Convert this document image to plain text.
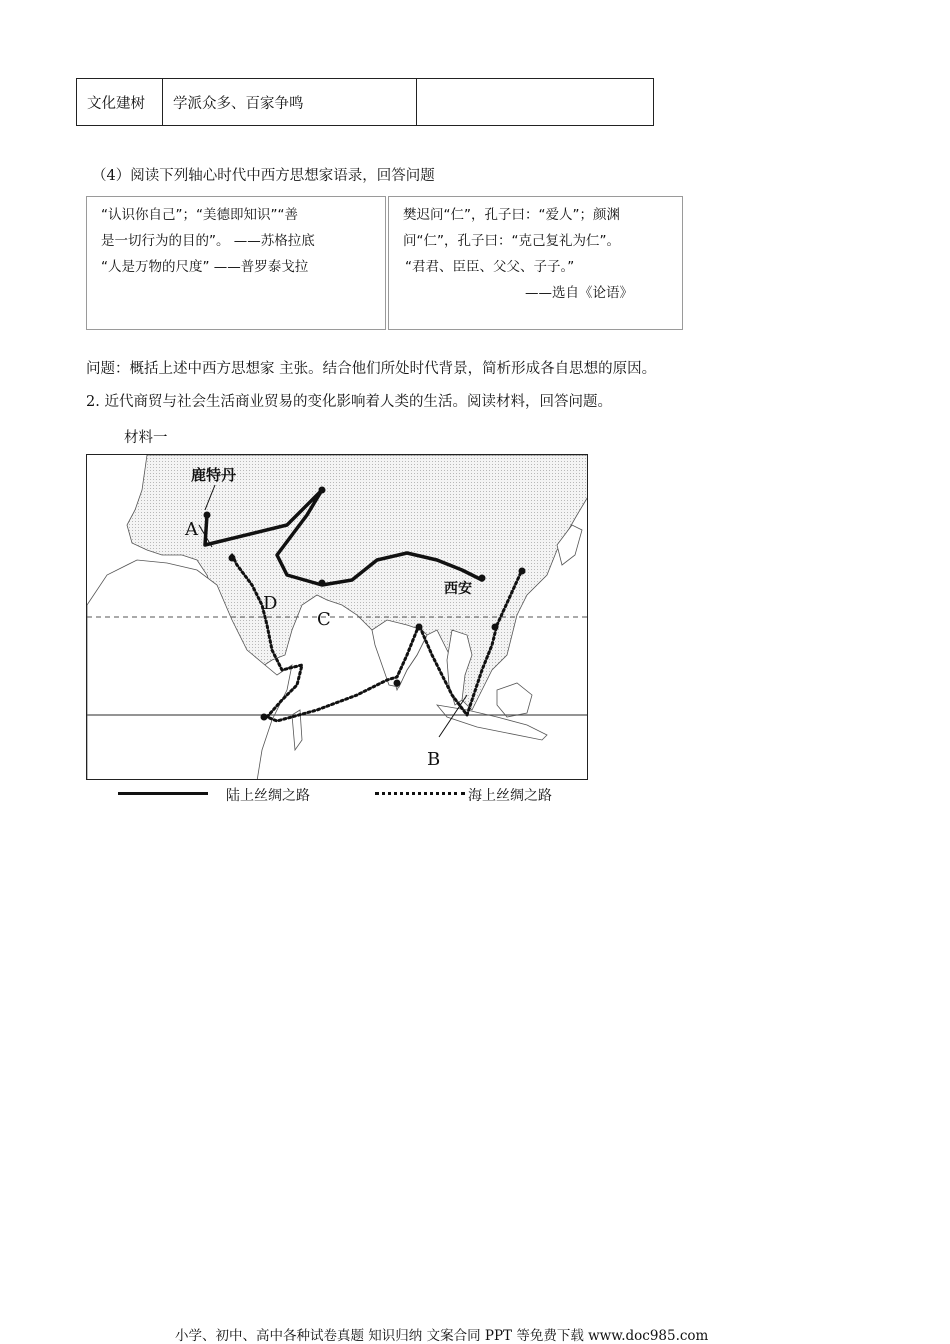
文化建树	学派众多、百家争鸣
（4）阅读下列轴心时代中西方思想家语录，回答问题
“认识你自己”；“美德即知识”“善
是一切行为的目的”。 ——苏格拉底
“人是万物的尺度” ——普罗泰戈拉
樊迟问“仁”，孔子曰：“爱人”；颜渊
问“仁”，孔子曰：“克己复礼为仁”。
“君君、臣臣、父父、子子。”
——选自《论语》
问题：概括上述中西方思想家 主张。结合他们所处时代背景，简析形成各自思想的原因。
2. 近代商贸与社会生活商业贸易的变化影响着人类的生活。阅读材料，回答问题。
材料一
鹿特丹
西安
A
B
C
D
陆上丝绸之路	海上丝绸之路
小学、初中、高中各种试卷真题 知识归纳 文案合同 PPT 等免费下载 www.doc985.com
